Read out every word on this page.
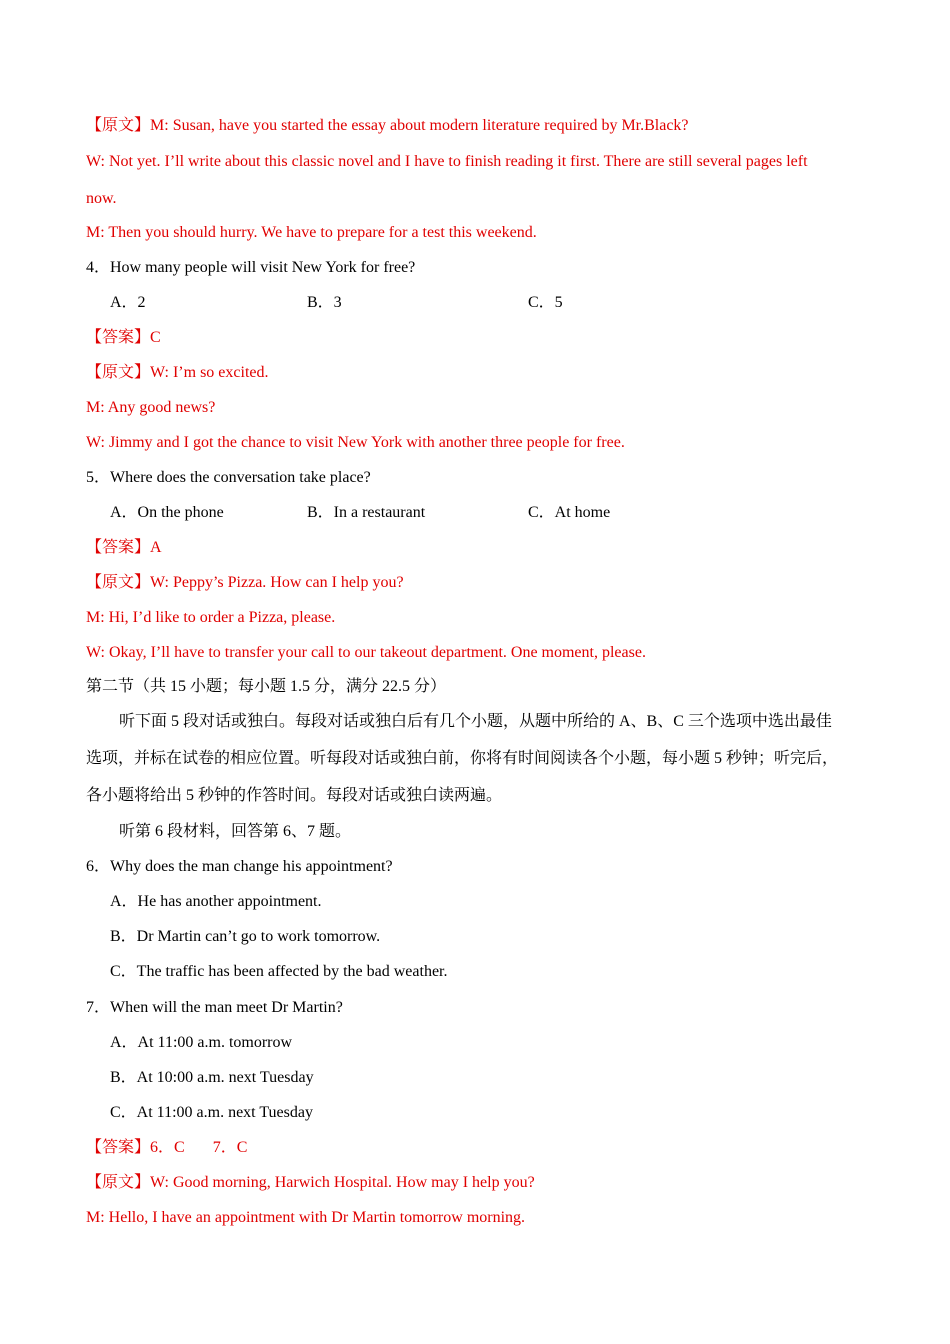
【原文】M: Susan, have you started the essay about modern literature required by Mr.Black?
W: Not yet. I’ll write about this classic novel and I have to finish reading it first. There are still several pages left
now.
M: Then you should hurry. We have to prepare for a test this weekend.
4．How many people will visit New York for free?
A．2	B．3	C．5
【答案】C
【原文】W: I’m so excited.
M: Any good news?
W: Jimmy and I got the chance to visit New York with another three people for free.
5．Where does the conversation take place?
A．On the phone	B．In a restaurant	C．At home
【答案】A
【原文】W: Peppy’s Pizza. How can I help you?
M: Hi, I’d like to order a Pizza, please.
W: Okay, I’ll have to transfer your call to our takeout department. One moment, please.
第二节（共 15 小题；每小题 1.5 分，满分 22.5 分）
听下面 5 段对话或独白。每段对话或独白后有几个小题，从题中所给的 A、B、C 三个选项中选出最佳
选项，并标在试卷的相应位置。听每段对话或独白前，你将有时间阅读各个小题，每小题 5 秒钟；听完后，
各小题将给出 5 秒钟的作答时间。每段对话或独白读两遍。
听第 6 段材料，回答第 6、7 题。
6．Why does the man change his appointment?
A．He has another appointment.
B．Dr Martin can’t go to work tomorrow.
C．The traffic has been affected by the bad weather.
7．When will the man meet Dr Martin?
A．At 11:00 a.m. tomorrow
B．At 10:00 a.m. next Tuesday
C．At 11:00 a.m. next Tuesday
【答案】6．C 7．C
【原文】W: Good morning, Harwich Hospital. How may I help you?
M: Hello, I have an appointment with Dr Martin tomorrow morning.
